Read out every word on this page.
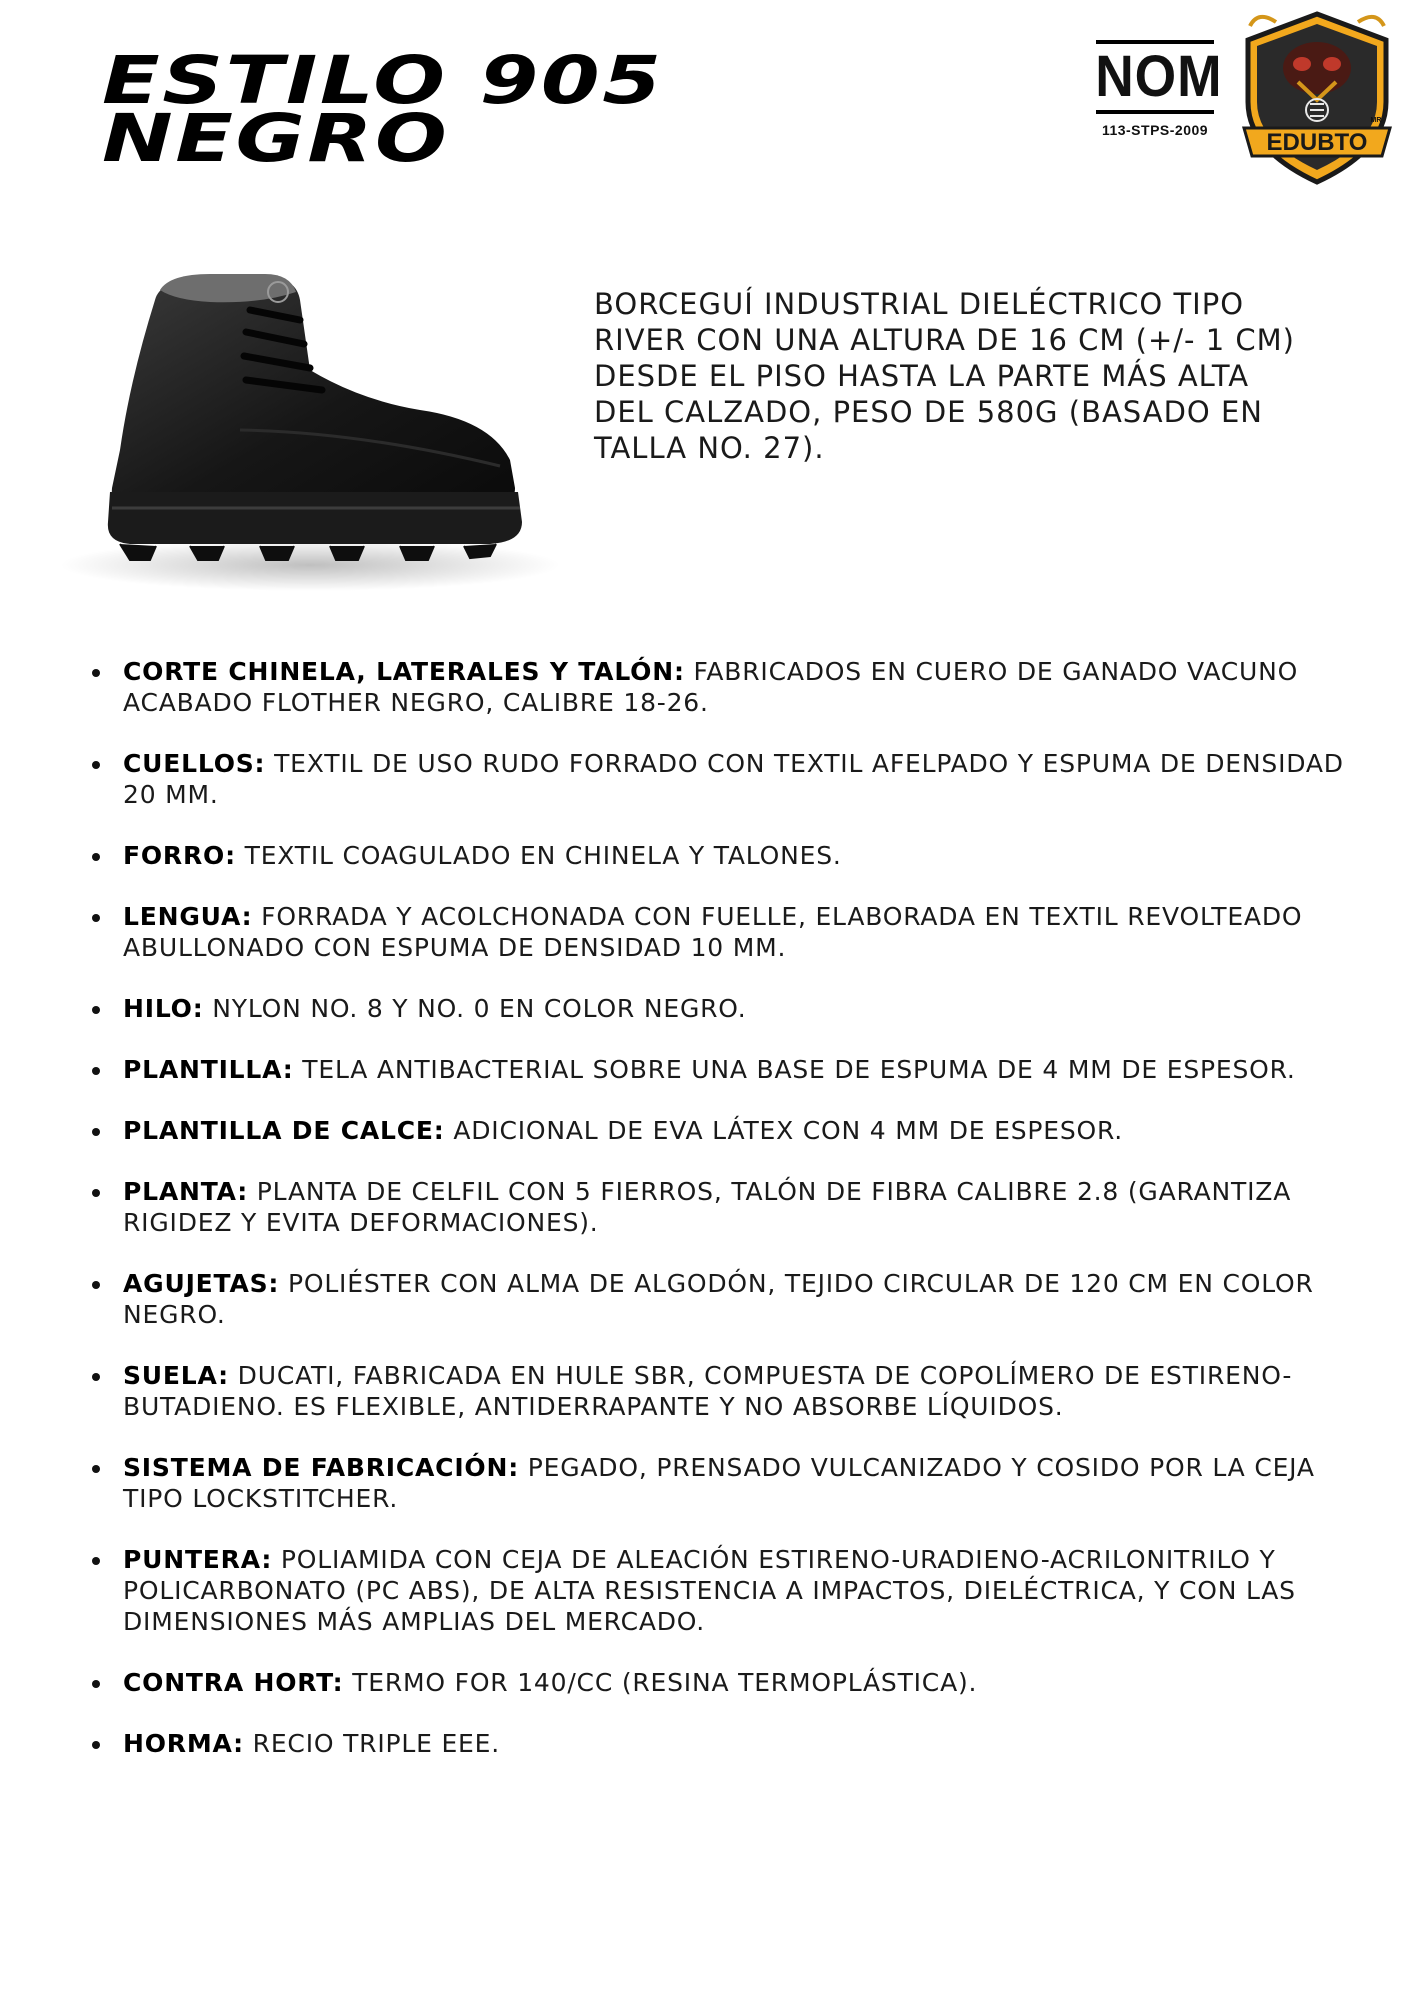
ESTILO 905
NEGRO
NOM
113-STPS-2009	EDUBTO
MR

BORCEGUÍ INDUSTRIAL DIELÉCTRICO TIPO RIVER CON UNA ALTURA DE 16 CM (+/- 1 CM) DESDE EL PISO HASTA LA PARTE MÁS ALTA DEL CALZADO, PESO DE 580G (BASADO EN TALLA NO. 27).

CORTE CHINELA, LATERALES Y TALÓN: FABRICADOS EN CUERO DE GANADO VACUNO ACABADO FLOTHER NEGRO, CALIBRE 18-26.
CUELLOS: TEXTIL DE USO RUDO FORRADO CON TEXTIL AFELPADO Y ESPUMA DE DENSIDAD 20 MM.
FORRO: TEXTIL COAGULADO EN CHINELA Y TALONES.
LENGUA: FORRADA Y ACOLCHONADA CON FUELLE, ELABORADA EN TEXTIL REVOLTEADO ABULLONADO CON ESPUMA DE DENSIDAD 10 MM.
HILO: NYLON NO. 8 Y NO. 0 EN COLOR NEGRO.
PLANTILLA: TELA ANTIBACTERIAL SOBRE UNA BASE DE ESPUMA DE 4 MM DE ESPESOR.
PLANTILLA DE CALCE: ADICIONAL DE EVA LÁTEX CON 4 MM DE ESPESOR.
PLANTA: PLANTA DE CELFIL CON 5 FIERROS, TALÓN DE FIBRA CALIBRE 2.8 (GARANTIZA RIGIDEZ Y EVITA DEFORMACIONES).
AGUJETAS: POLIÉSTER CON ALMA DE ALGODÓN, TEJIDO CIRCULAR DE 120 CM EN COLOR NEGRO.
SUELA: DUCATI, FABRICADA EN HULE SBR, COMPUESTA DE COPOLÍMERO DE ESTIRENO-BUTADIENO. ES FLEXIBLE, ANTIDERRAPANTE Y NO ABSORBE LÍQUIDOS.
SISTEMA DE FABRICACIÓN: PEGADO, PRENSADO VULCANIZADO Y COSIDO POR LA CEJA TIPO LOCKSTITCHER.
PUNTERA: POLIAMIDA CON CEJA DE ALEACIÓN ESTIRENO-URADIENO-ACRILONITRILO Y POLICARBONATO (PC ABS), DE ALTA RESISTENCIA A IMPACTOS, DIELÉCTRICA, Y CON LAS DIMENSIONES MÁS AMPLIAS DEL MERCADO.
CONTRA HORT: TERMO FOR 140/CC (RESINA TERMOPLÁSTICA).
HORMA: RECIO TRIPLE EEE.
